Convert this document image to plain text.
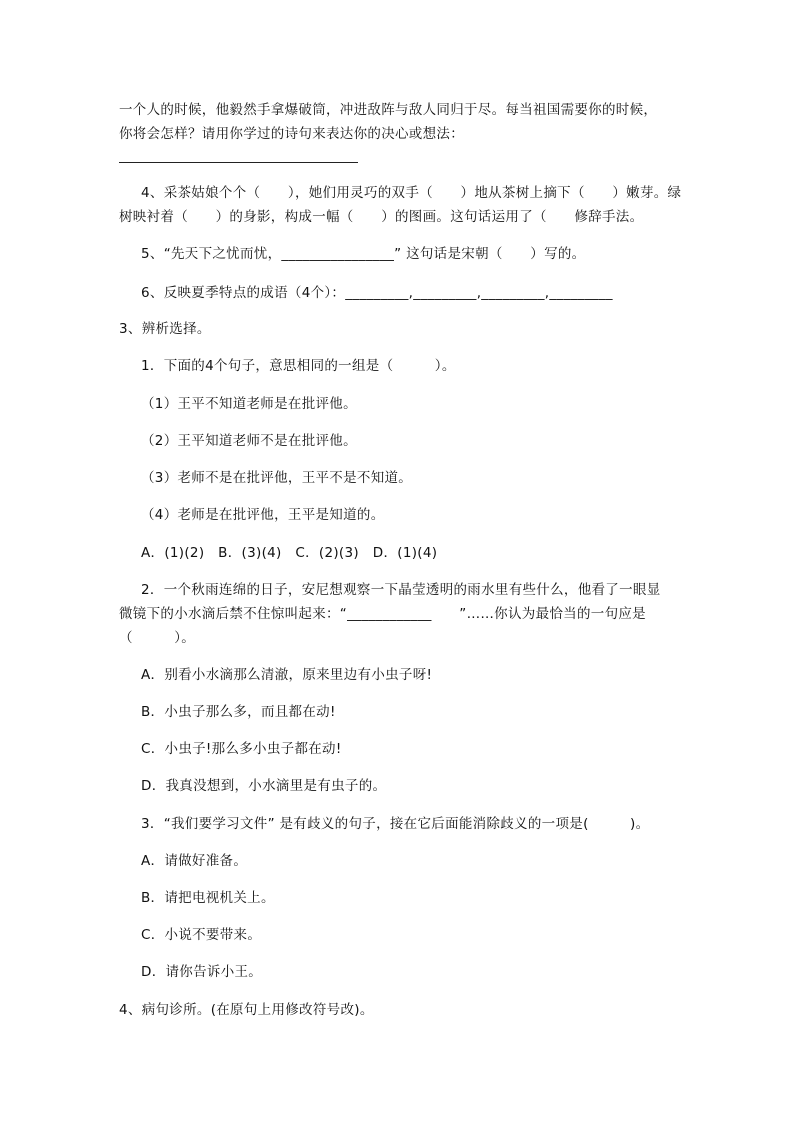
一个人的时候，他毅然手拿爆破筒，冲进敌阵与敌人同归于尽。每当祖国需要你的时候，
你将会怎样？请用你学过的诗句来表达你的决心或想法：
4、采茶姑娘个个（　　），她们用灵巧的双手（　　）地从茶树上摘下（　　）嫩芽。绿
树映衬着（　　）的身影，构成一幅（　　）的图画。这句话运用了（　　修辞手法。
5、“先天下之忧而忧，________________” 这句话是宋朝（　　）写的。
6、反映夏季特点的成语（4个）：_________,_________,_________,_________
3、辨析选择。
1．下面的4个句子，意思相同的一组是（　　　）。
（1）王平不知道老师是在批评他。
（2）王平知道老师不是在批评他。
（3）老师不是在批评他，王平不是不知道。
（4）老师是在批评他，王平是知道的。
A．(1)(2)　B．(3)(4)　C．(2)(3)　D．(1)(4)
2．一个秋雨连绵的日子，安尼想观察一下晶莹透明的雨水里有些什么，他看了一眼显
微镜下的小水滴后禁不住惊叫起来：“____________　　”……你认为最恰当的一句应是
（　　　）。
A．别看小水滴那么清澈，原来里边有小虫子呀!
B．小虫子那么多，而且都在动!
C．小虫子!那么多小虫子都在动!
D．我真没想到，小水滴里是有虫子的。
3．“我们要学习文件” 是有歧义的句子，接在它后面能消除歧义的一项是(　　　)。
A．请做好准备。
B．请把电视机关上。
C．小说不要带来。
D．请你告诉小王。
4、病句诊所。(在原句上用修改符号改)。
